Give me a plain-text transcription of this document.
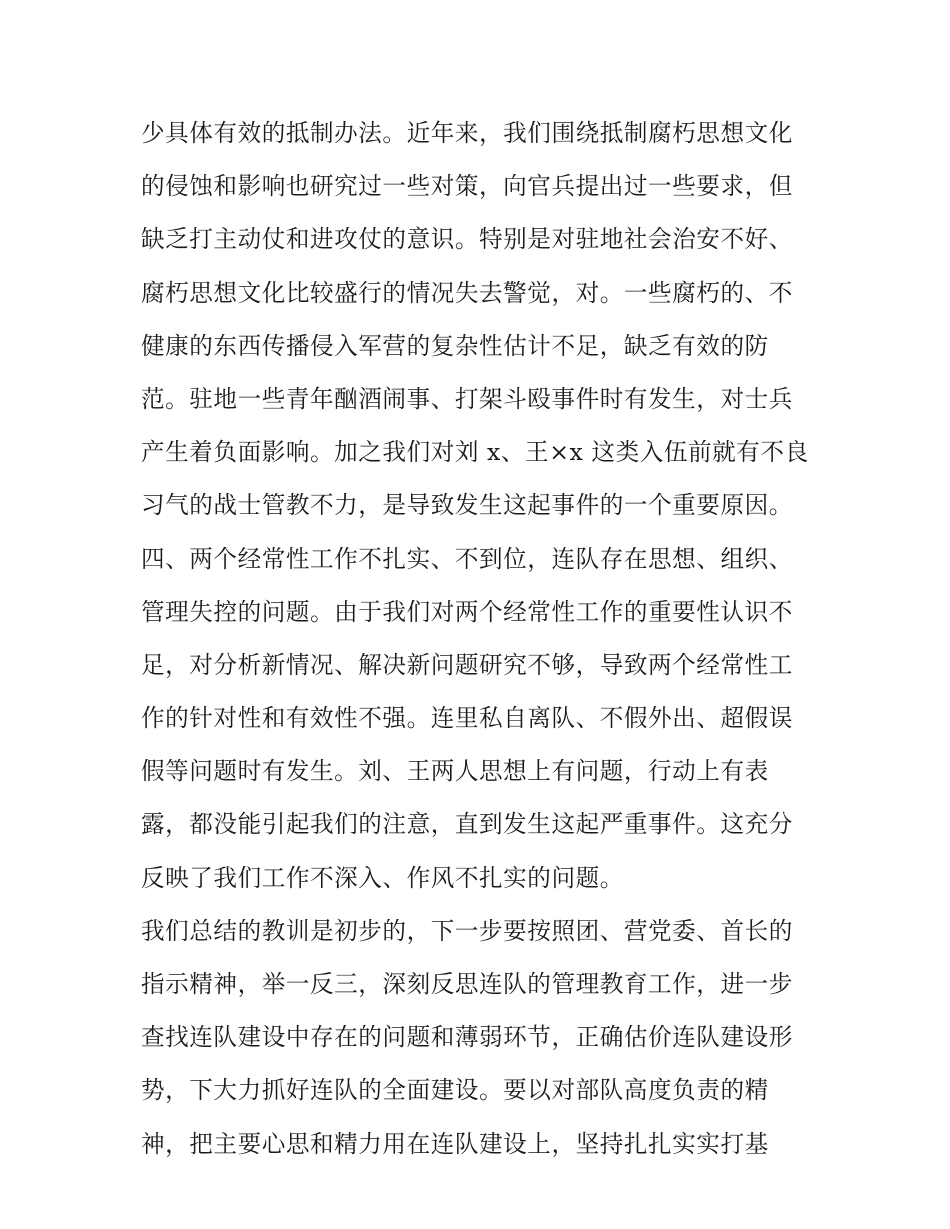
少具体有效的抵制办法。近年来，我们围绕抵制腐朽思想文化
的侵蚀和影响也研究过一些对策，向官兵提出过一些要求，但
缺乏打主动仗和进攻仗的意识。特别是对驻地社会治安不好、
腐朽思想文化比较盛行的情况失去警觉，对。一些腐朽的、不
健康的东西传播侵入军营的复杂性估计不足，缺乏有效的防
范。驻地一些青年酗酒闹事、打架斗殴事件时有发生，对士兵
产生着负面影响。加之我们对刘 x、王×x 这类入伍前就有不良
习气的战士管教不力，是导致发生这起事件的一个重要原因。
四、两个经常性工作不扎实、不到位，连队存在思想、组织、
管理失控的问题。由于我们对两个经常性工作的重要性认识不
足，对分析新情况、解决新问题研究不够，导致两个经常性工
作的针对性和有效性不强。连里私自离队、不假外出、超假误
假等问题时有发生。刘、王两人思想上有问题，行动上有表
露，都没能引起我们的注意，直到发生这起严重事件。这充分
反映了我们工作不深入、作风不扎实的问题。
我们总结的教训是初步的，下一步要按照团、营党委、首长的
指示精神，举一反三，深刻反思连队的管理教育工作，进一步
查找连队建设中存在的问题和薄弱环节，正确估价连队建设形
势，下大力抓好连队的全面建设。要以对部队高度负责的精
神，把主要心思和精力用在连队建设上，坚持扎扎实实打基
